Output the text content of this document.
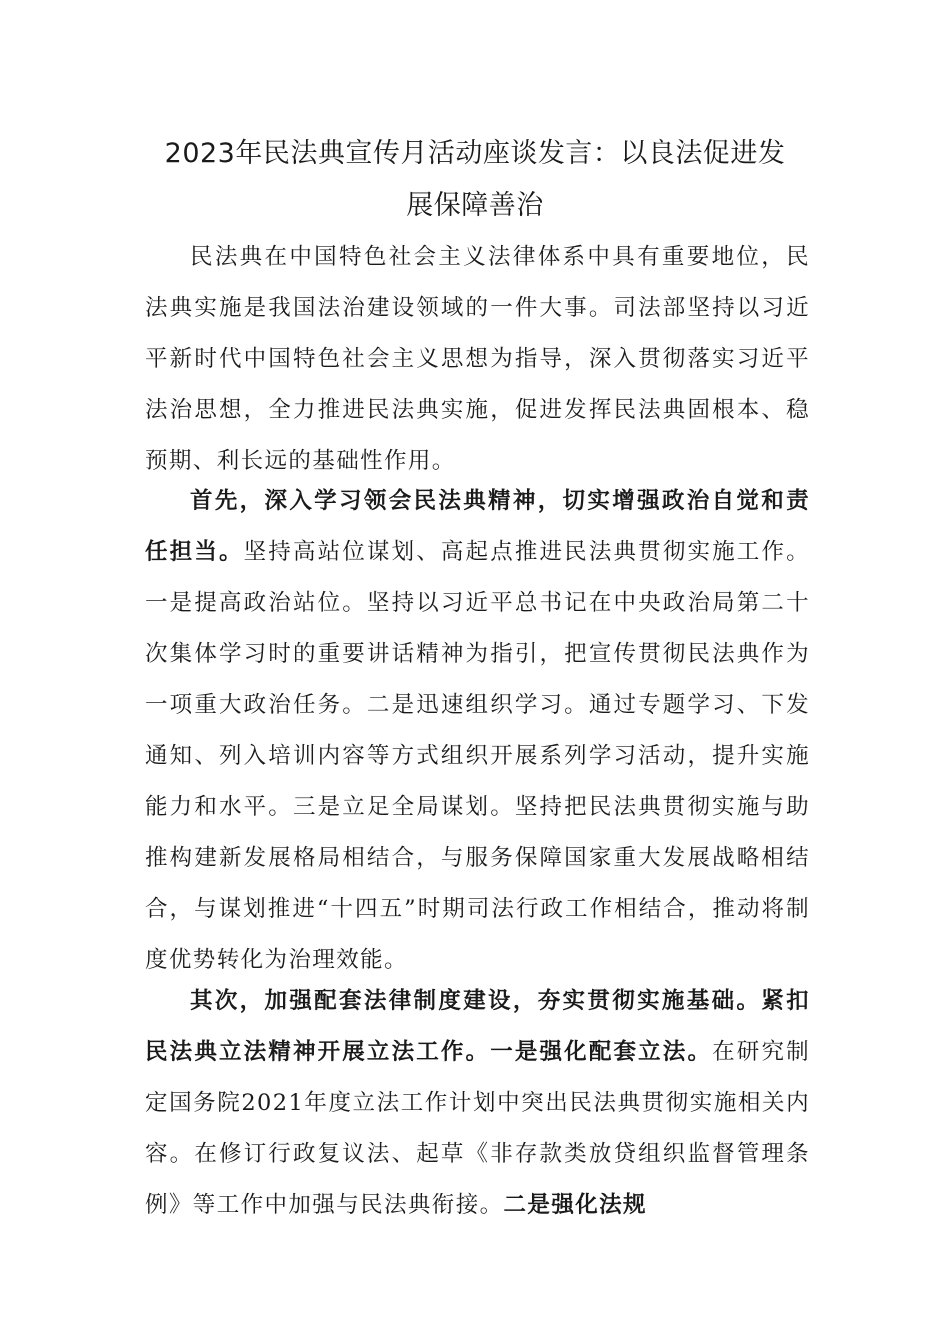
2023年民法典宣传月活动座谈发言：以良法促进发
展保障善治

民法典在中国特色社会主义法律体系中具有重要地位，民法典实施是我国法治建设领域的一件大事。司法部坚持以习近平新时代中国特色社会主义思想为指导，深入贯彻落实习近平法治思想，全力推进民法典实施，促进发挥民法典固根本、稳预期、利长远的基础性作用。

首先，深入学习领会民法典精神，切实增强政治自觉和责任担当。坚持高站位谋划、高起点推进民法典贯彻实施工作。一是提高政治站位。坚持以习近平总书记在中央政治局第二十次集体学习时的重要讲话精神为指引，把宣传贯彻民法典作为一项重大政治任务。二是迅速组织学习。通过专题学习、下发通知、列入培训内容等方式组织开展系列学习活动，提升实施能力和水平。三是立足全局谋划。坚持把民法典贯彻实施与助推构建新发展格局相结合，与服务保障国家重大发展战略相结合，与谋划推进“十四五”时期司法行政工作相结合，推动将制度优势转化为治理效能。

其次，加强配套法律制度建设，夯实贯彻实施基础。紧扣民法典立法精神开展立法工作。一是强化配套立法。在研究制定国务院2021年度立法工作计划中突出民法典贯彻实施相关内容。在修订行政复议法、起草《非存款类放贷组织监督管理条例》等工作中加强与民法典衔接。二是强化法规
